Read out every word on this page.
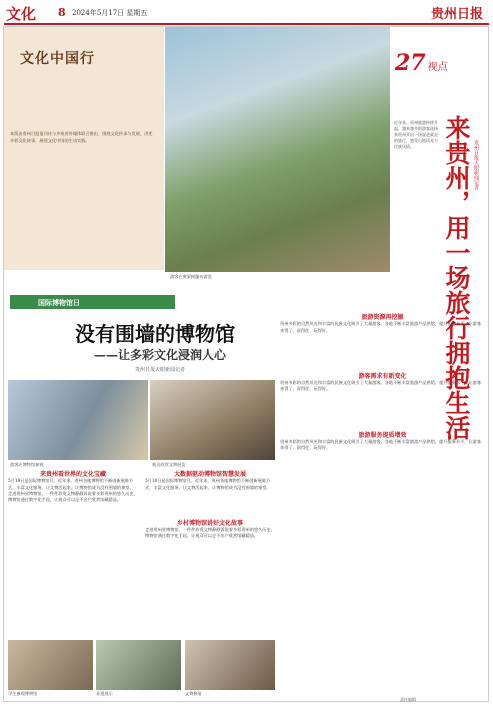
文化 8 2024年5月17日 星期五	贵州日报
文化中国行
本版由贵州日报报刊社与多家省外媒体联合推出，围绕文化传承与发展，讲述多彩文化故事，展现文化中国的生动实践。
游客在黄果树瀑布游览
27 视点
来贵州，用一场旅行拥抱生活 贵州日报天眼新闻记者
近年来，贵州旅游持续升温，越来越多的游客选择来贵州开启一场说走就走的旅行，感受山地风光与民族风情。
旅游资源再挖掘
贵州多彩的自然风光和丰富的民族文化吸引了大量游客。各地不断丰富旅游产品供给，提升服务水平，让游客来得了、留得住、玩得好。
游客需求有新变化
贵州多彩的自然风光和丰富的民族文化吸引了大量游客。各地不断丰富旅游产品供给，提升服务水平，让游客来得了、留得住、玩得好。
旅游服务提质增效
贵州多彩的自然风光和丰富的民族文化吸引了大量游客。各地不断丰富旅游产品供给，提升服务水平，让游客来得了、留得住、玩得好。
国际博物馆日
没有围墙的博物馆
——让多彩文化浸润人心
贵州日报天眼新闻记者
游客在博物馆参观	观众欣赏文物展览
来贵州看世界的文化宝藏
5月18日是国际博物馆日。近年来，贵州各地博物馆不断创新展陈方式，丰富文化服务，让文物活起来，让博物馆成为没有围墙的课堂。
走进贵州省博物馆，一件件珍贵文物静静诉说着多彩贵州的悠久历史。博物馆通过数字化手段，让观众可以足不出户欣赏馆藏精品。
大数据驱动博物馆智慧发展
5月18日是国际博物馆日。近年来，贵州各地博物馆不断创新展陈方式，丰富文化服务，让文物活起来，让博物馆成为没有围墙的课堂。
乡村博物馆讲好文化故事
走进贵州省博物馆，一件件珍贵文物静静诉说着多彩贵州的悠久历史。博物馆通过数字化手段，让观众可以足不出户欣赏馆藏精品。
学生参观博物馆	非遗展示	文物修复
责任编辑
